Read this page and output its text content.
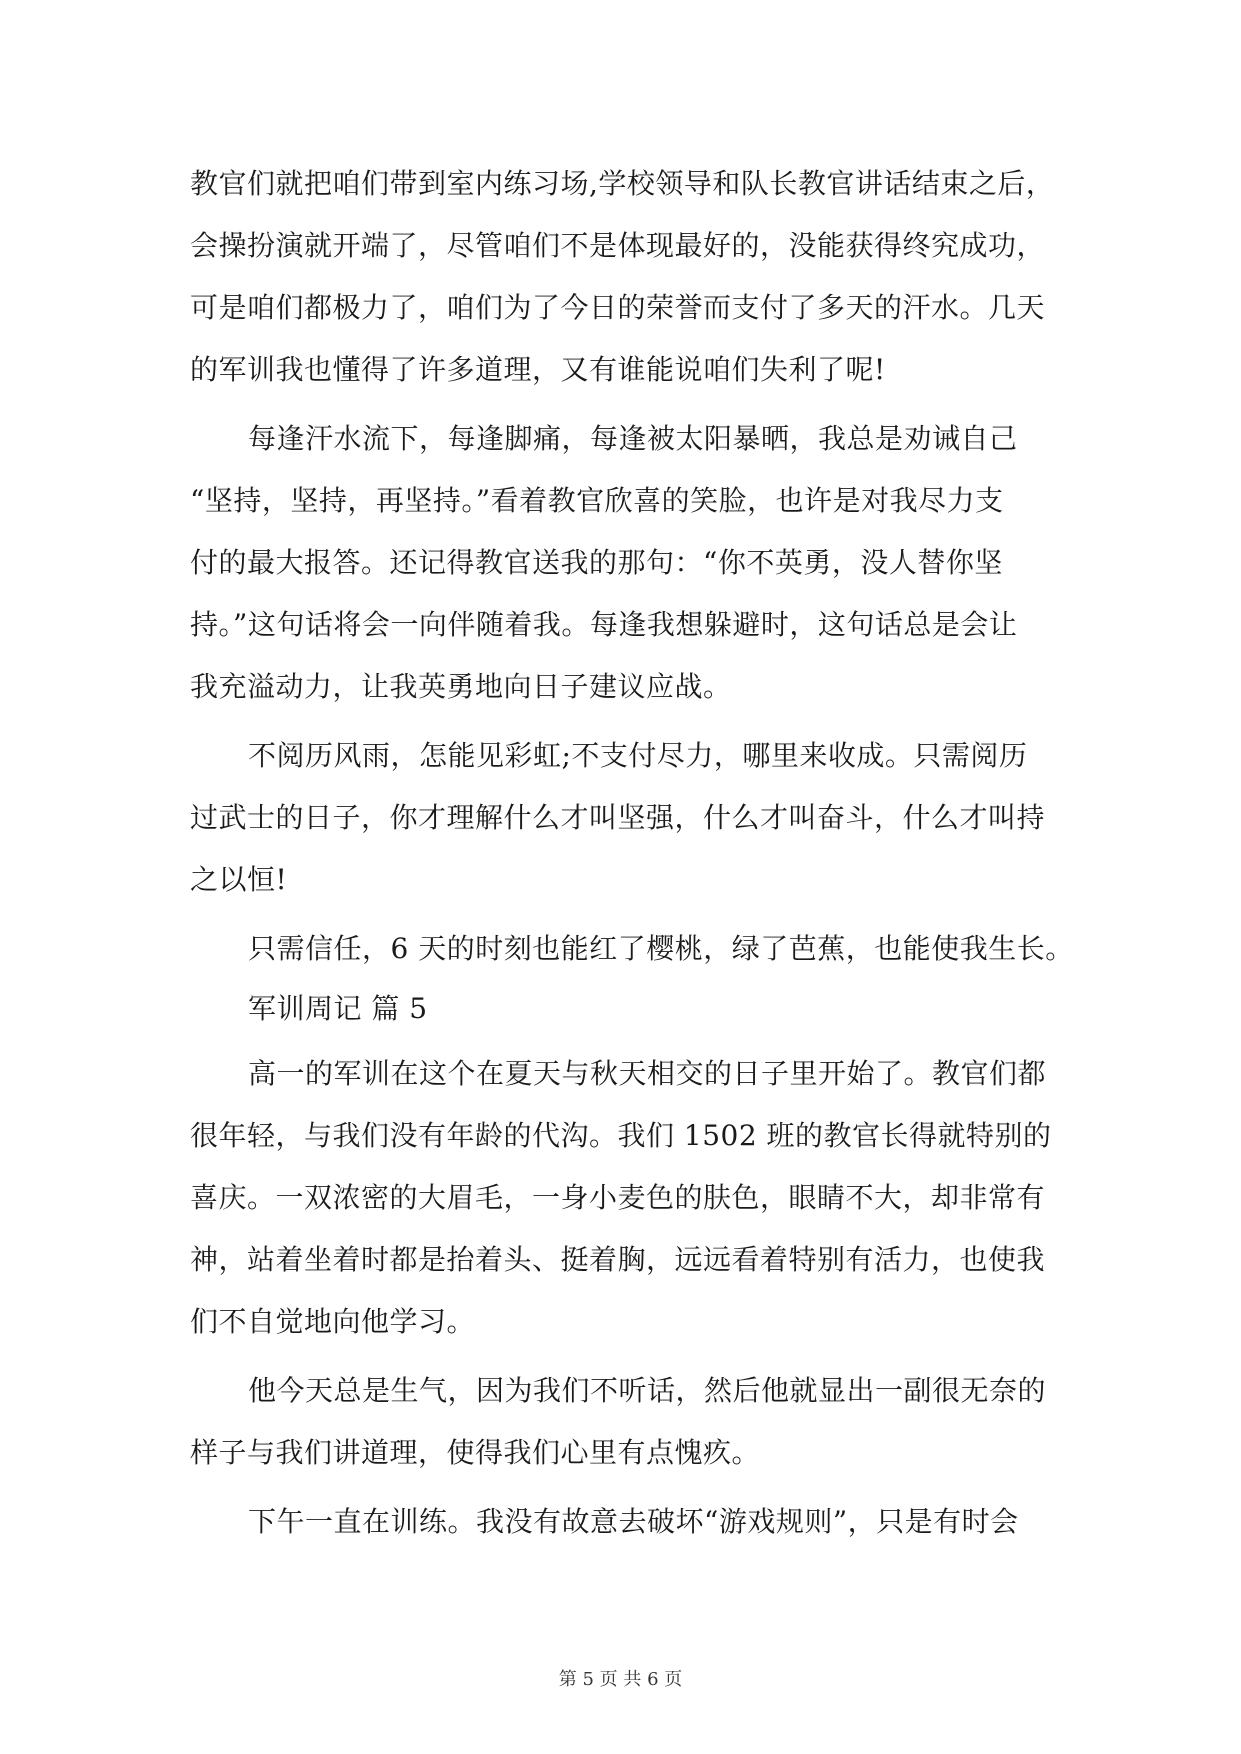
教官们就把咱们带到室内练习场,学校领导和队长教官讲话结束之后，
会操扮演就开端了，尽管咱们不是体现最好的，没能获得终究成功，
可是咱们都极力了，咱们为了今日的荣誉而支付了多天的汗水。几天
的军训我也懂得了许多道理，又有谁能说咱们失利了呢!
每逢汗水流下，每逢脚痛，每逢被太阳暴晒，我总是劝诫自己
“坚持，坚持，再坚持。”看着教官欣喜的笑脸，也许是对我尽力支
付的最大报答。还记得教官送我的那句：“你不英勇，没人替你坚
持。”这句话将会一向伴随着我。每逢我想躲避时，这句话总是会让
我充溢动力，让我英勇地向日子建议应战。
不阅历风雨，怎能见彩虹;不支付尽力，哪里来收成。只需阅历
过武士的日子，你才理解什么才叫坚强，什么才叫奋斗，什么才叫持
之以恒!
只需信任，6 天的时刻也能红了樱桃，绿了芭蕉，也能使我生长。
军训周记 篇 5
高一的军训在这个在夏天与秋天相交的日子里开始了。教官们都
很年轻，与我们没有年龄的代沟。我们 1502 班的教官长得就特别的
喜庆。一双浓密的大眉毛，一身小麦色的肤色，眼睛不大，却非常有
神，站着坐着时都是抬着头、挺着胸，远远看着特别有活力，也使我
们不自觉地向他学习。
他今天总是生气，因为我们不听话，然后他就显出一副很无奈的
样子与我们讲道理，使得我们心里有点愧疚。
下午一直在训练。我没有故意去破坏“游戏规则”，只是有时会
第 5 页 共 6 页
